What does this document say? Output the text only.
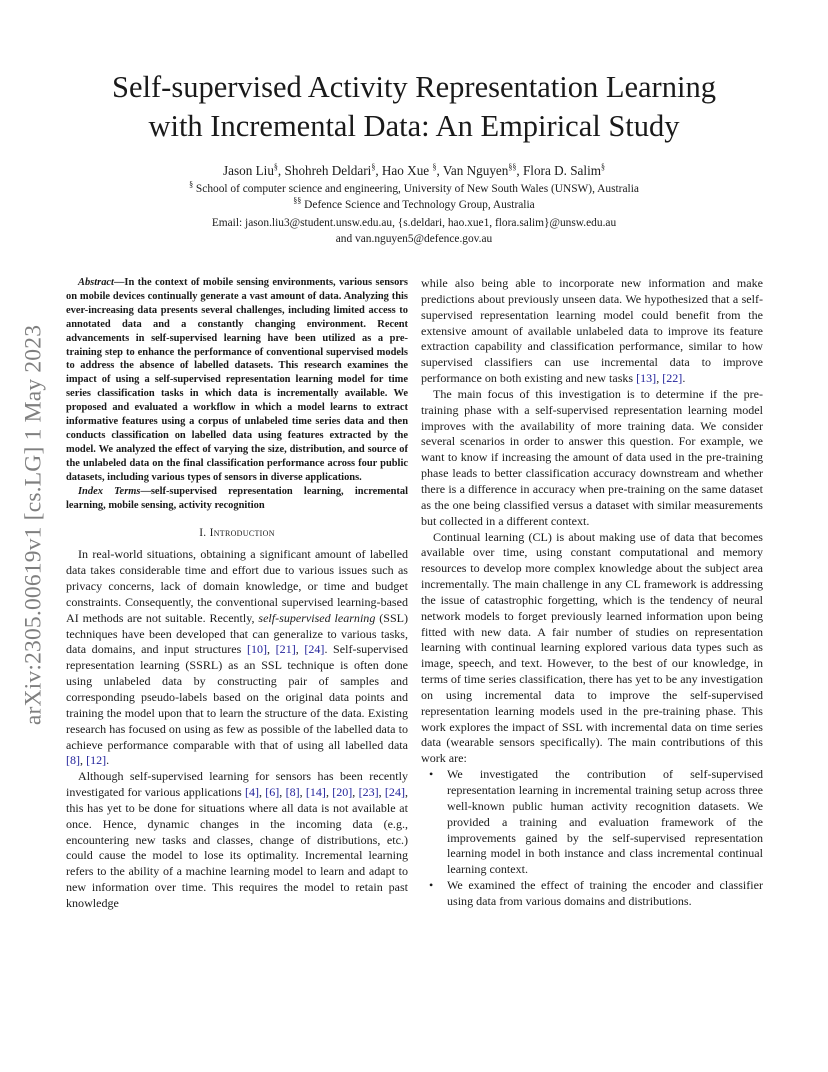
Self-supervised Activity Representation Learning
with Incremental Data: An Empirical Study
Jason Liu§, Shohreh Deldari§, Hao Xue §, Van Nguyen§§, Flora D. Salim§
§ School of computer science and engineering, University of New South Wales (UNSW), Australia
§§ Defence Science and Technology Group, Australia
Email: jason.liu3@student.unsw.edu.au, {s.deldari, hao.xue1, flora.salim}@unsw.edu.au
and van.nguyen5@defence.gov.au
arXiv:2305.00619v1 [cs.LG] 1 May 2023

Abstract—In the context of mobile sensing environments, various sensors on mobile devices continually generate a vast amount of data. Analyzing this ever-increasing data presents several challenges, including limited access to annotated data and a constantly changing environment. Recent advancements in self-supervised learning have been utilized as a pre-training step to enhance the performance of conventional supervised models to address the absence of labelled datasets. This research examines the impact of using a self-supervised representation learning model for time series classification tasks in which data is incrementally available. We proposed and evaluated a workflow in which a model learns to extract informative features using a corpus of unlabeled time series data and then conducts classification on labelled data using features extracted by the model. We analyzed the effect of varying the size, distribution, and source of the unlabeled data on the final classification performance across four public datasets, including various types of sensors in diverse applications.

Index Terms—self-supervised representation learning, incremental learning, mobile sensing, activity recognition

I. Introduction

In real-world situations, obtaining a significant amount of labelled data takes considerable time and effort due to various issues such as privacy concerns, lack of domain knowledge, or time and budget constraints. Consequently, the conventional supervised learning-based AI methods are not suitable. Recently, self-supervised learning (SSL) techniques have been developed that can generalize to various tasks, data domains, and input structures [10], [21], [24]. Self-supervised representation learning (SSRL) as an SSL technique is often done using unlabeled data by constructing pair of samples and corresponding pseudo-labels based on the original data points and training the model upon that to learn the structure of the data. Existing research has focused on using as few as possible of the labelled data to achieve performance comparable with that of using all labelled data [8], [12].

Although self-supervised learning for sensors has been recently investigated for various applications [4], [6], [8], [14], [20], [23], [24], this has yet to be done for situations where all data is not available at once. Hence, dynamic changes in the incoming data (e.g., encountering new tasks and classes, change of distributions, etc.) could cause the model to lose its optimality. Incremental learning refers to the ability of a machine learning model to learn and adapt to new information over time. This requires the model to retain past knowledge

while also being able to incorporate new information and make predictions about previously unseen data. We hypothesized that a self-supervised representation learning model could benefit from the extensive amount of available unlabeled data to improve its feature extraction capability and classification performance, similar to how supervised classifiers can use incremental data to improve performance on both existing and new tasks [13], [22].

The main focus of this investigation is to determine if the pre-training phase with a self-supervised representation learning model improves with the availability of more training data. We consider several scenarios in order to answer this question. For example, we want to know if increasing the amount of data used in the pre-training phase leads to better classification accuracy downstream and whether there is a difference in accuracy when pre-training on the same dataset as the one being classified versus a dataset with similar measurements but collected in a different context.

Continual learning (CL) is about making use of data that becomes available over time, using constant computational and memory resources to develop more complex knowledge about the subject area incrementally. The main challenge in any CL framework is addressing the issue of catastrophic forgetting, which is the tendency of neural network models to forget previously learned information upon being fitted with new data. A fair number of studies on representation learning with continual learning explored various data types such as image, speech, and text. However, to the best of our knowledge, in terms of time series classification, there has yet to be any investigation on using incremental data to improve the self-supervised representation learning models used in the pre-training phase. This work explores the impact of SSL with incremental data on time series data (wearable sensors specifically). The main contributions of this work are:

• We investigated the contribution of self-supervised representation learning in incremental training setup across three well-known public human activity recognition datasets. We provided a training and evaluation framework of the improvements gained by the self-supervised representation learning model in both instance and class incremental continual learning context.
• We examined the effect of training the encoder and classifier using data from various domains and distributions.
